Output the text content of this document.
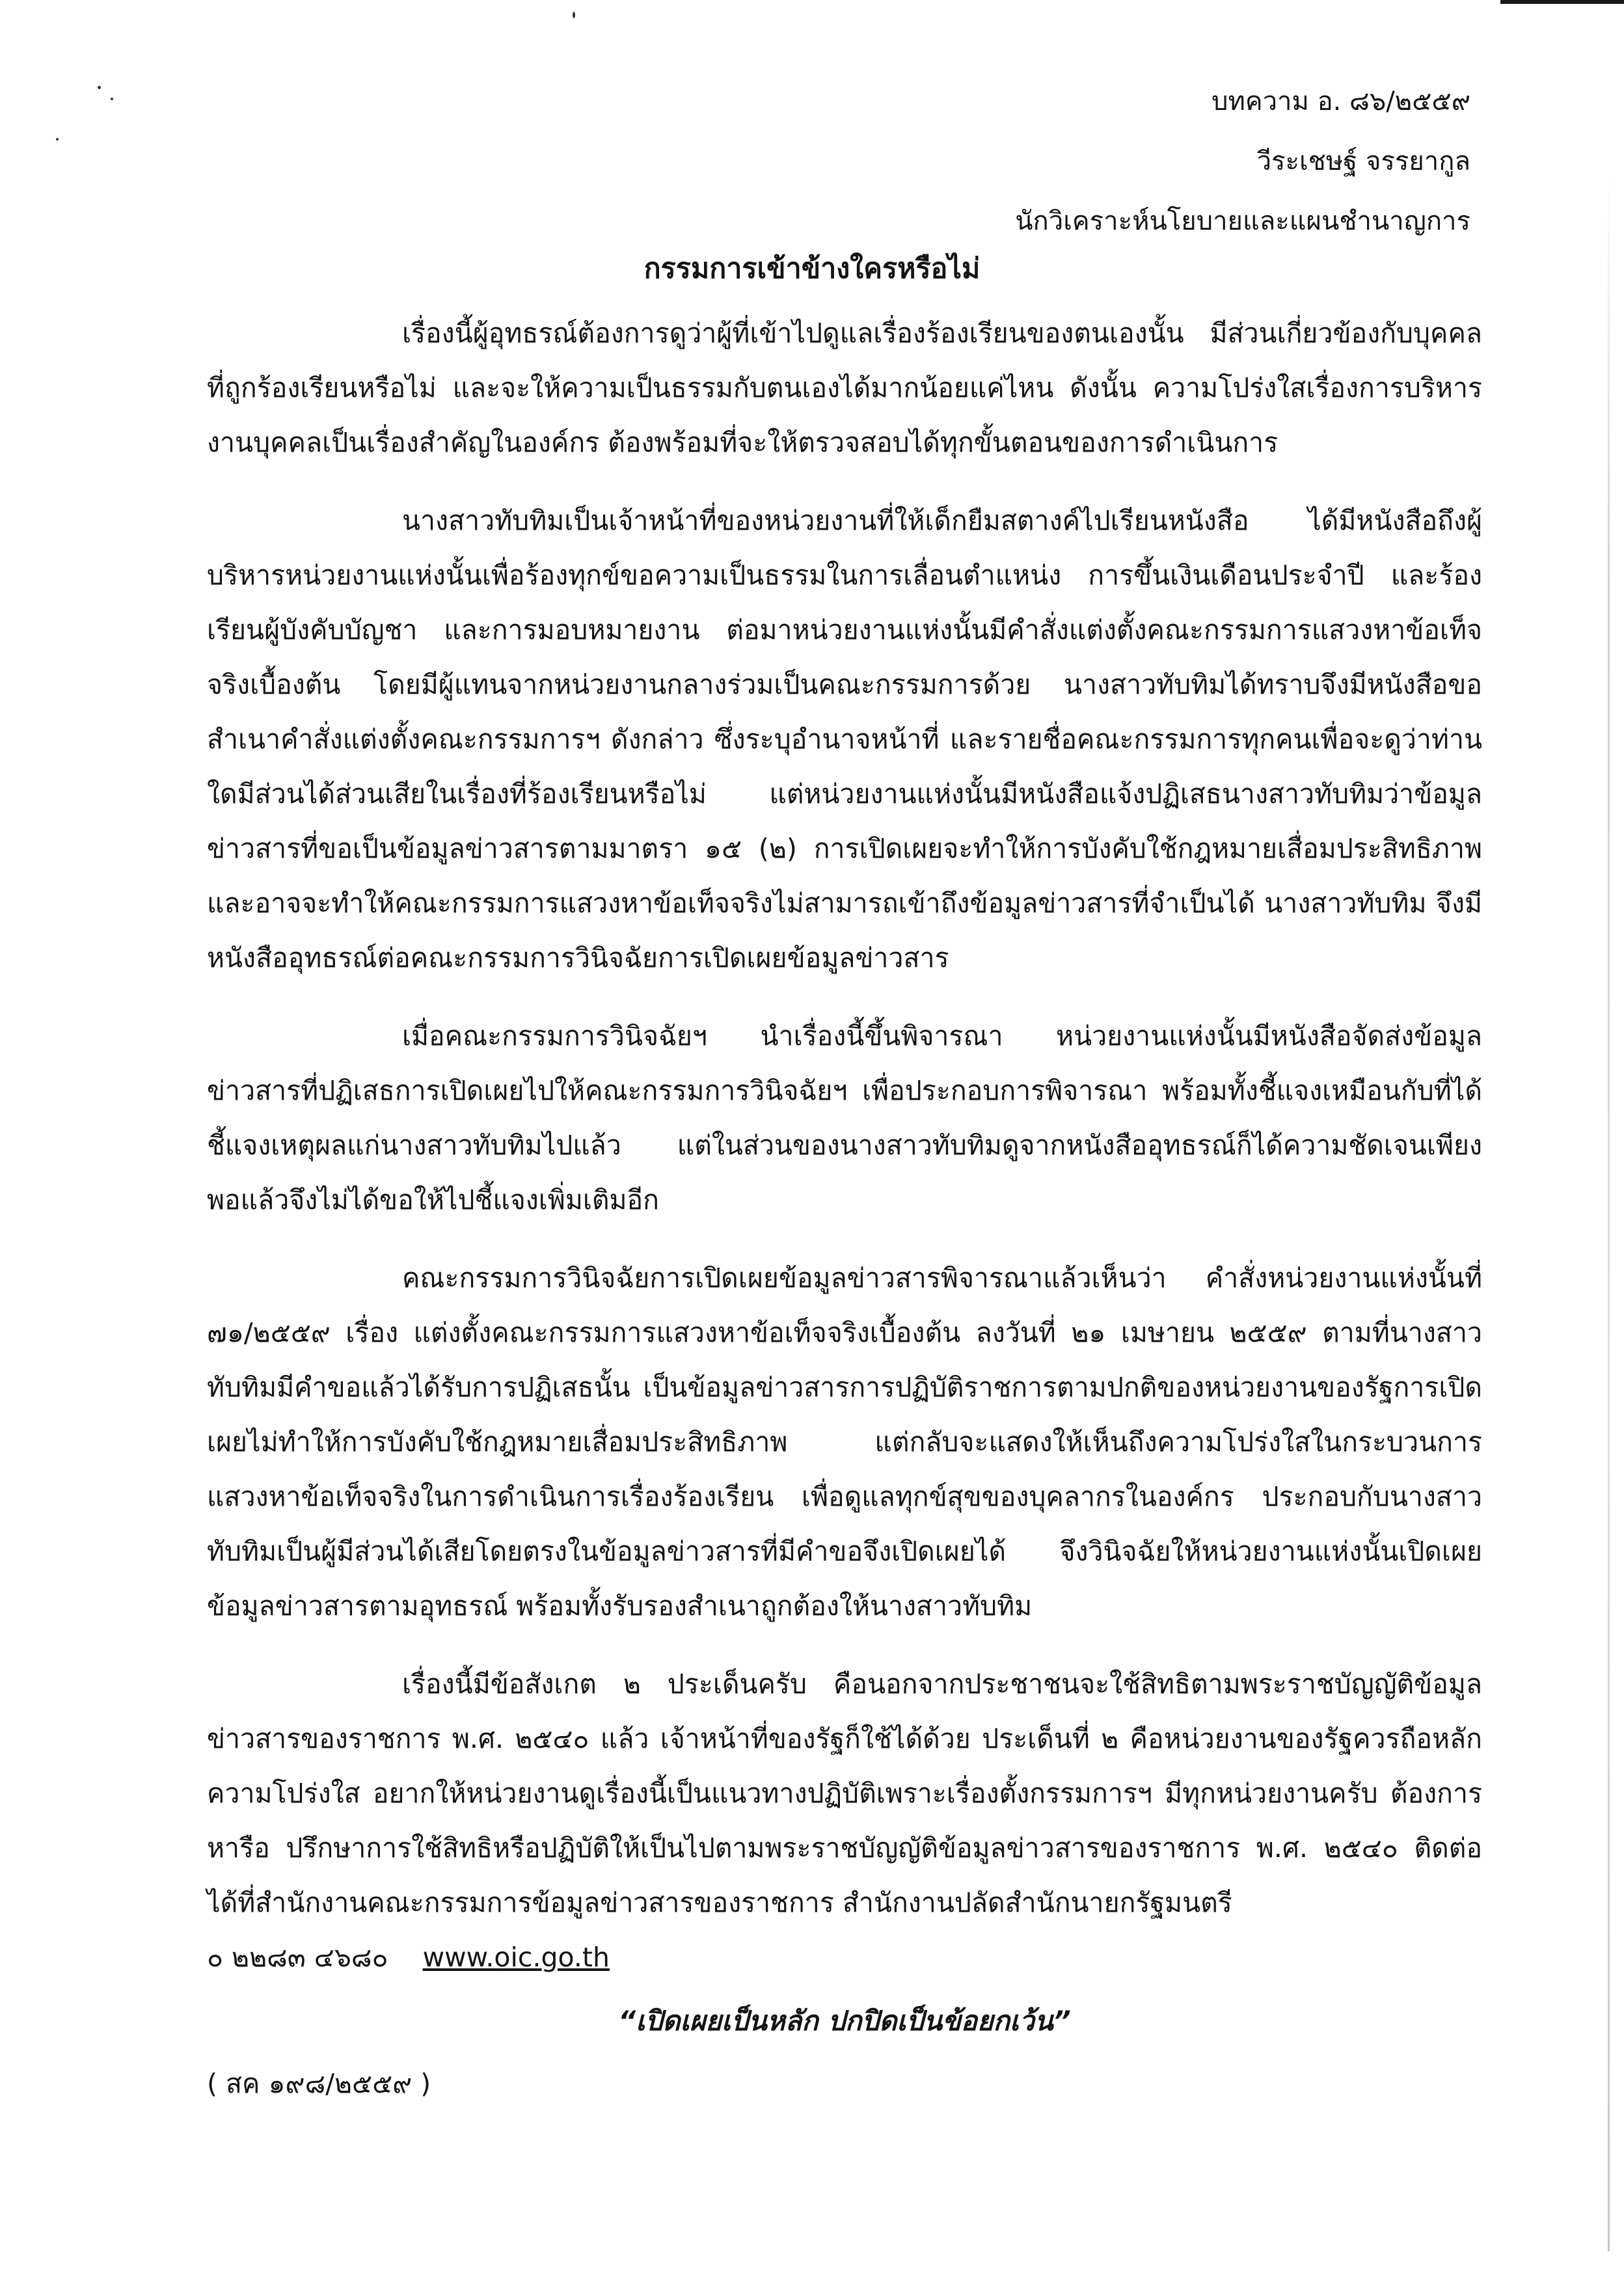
บทความ อ. ๘๖/๒๕๕๙
วีระเชษฐ์ จรรยากูล
นักวิเคราะห์นโยบายและแผนชำนาญการ
กรรมการเข้าข้างใครหรือไม่

เรื่องนี้ผู้อุทธรณ์ต้องการดูว่าผู้ที่เข้าไปดูแลเรื่องร้องเรียนของตนเองนั้น มีส่วนเกี่ยวข้องกับบุคคลที่ถูกร้องเรียนหรือไม่ และจะให้ความเป็นธรรมกับตนเองได้มากน้อยแค่ไหน ดังนั้น ความโปร่งใสเรื่องการบริหารงานบุคคลเป็นเรื่องสำคัญในองค์กร ต้องพร้อมที่จะให้ตรวจสอบได้ทุกขั้นตอนของการดำเนินการ

นางสาวทับทิมเป็นเจ้าหน้าที่ของหน่วยงานที่ให้เด็กยืมสตางค์ไปเรียนหนังสือ ได้มีหนังสือถึงผู้บริหารหน่วยงานแห่งนั้นเพื่อร้องทุกข์ขอความเป็นธรรมในการเลื่อนตำแหน่ง การขึ้นเงินเดือนประจำปี และร้องเรียนผู้บังคับบัญชา และการมอบหมายงาน ต่อมาหน่วยงานแห่งนั้นมีคำสั่งแต่งตั้งคณะกรรมการแสวงหาข้อเท็จจริงเบื้องต้น โดยมีผู้แทนจากหน่วยงานกลางร่วมเป็นคณะกรรมการด้วย นางสาวทับทิมได้ทราบจึงมีหนังสือขอสำเนาคำสั่งแต่งตั้งคณะกรรมการฯ ดังกล่าว ซึ่งระบุอำนาจหน้าที่ และรายชื่อคณะกรรมการทุกคนเพื่อจะดูว่าท่านใดมีส่วนได้ส่วนเสียในเรื่องที่ร้องเรียนหรือไม่ แต่หน่วยงานแห่งนั้นมีหนังสือแจ้งปฏิเสธนางสาวทับทิมว่าข้อมูลข่าวสารที่ขอเป็นข้อมูลข่าวสารตามมาตรา ๑๕ (๒) การเปิดเผยจะทำให้การบังคับใช้กฎหมายเสื่อมประสิทธิภาพ และอาจจะทำให้คณะกรรมการแสวงหาข้อเท็จจริงไม่สามารถเข้าถึงข้อมูลข่าวสารที่จำเป็นได้ นางสาวทับทิม จึงมีหนังสืออุทธรณ์ต่อคณะกรรมการวินิจฉัยการเปิดเผยข้อมูลข่าวสาร

เมื่อคณะกรรมการวินิจฉัยฯ นำเรื่องนี้ขึ้นพิจารณา หน่วยงานแห่งนั้นมีหนังสือจัดส่งข้อมูลข่าวสารที่ปฏิเสธการเปิดเผยไปให้คณะกรรมการวินิจฉัยฯ เพื่อประกอบการพิจารณา พร้อมทั้งชี้แจงเหมือนกับที่ได้ชี้แจงเหตุผลแก่นางสาวทับทิมไปแล้ว แต่ในส่วนของนางสาวทับทิมดูจากหนังสืออุทธรณ์ก็ได้ความชัดเจนเพียงพอแล้วจึงไม่ได้ขอให้ไปชี้แจงเพิ่มเติมอีก

คณะกรรมการวินิจฉัยการเปิดเผยข้อมูลข่าวสารพิจารณาแล้วเห็นว่า คำสั่งหน่วยงานแห่งนั้นที่ ๗๑/๒๕๕๙ เรื่อง แต่งตั้งคณะกรรมการแสวงหาข้อเท็จจริงเบื้องต้น ลงวันที่ ๒๑ เมษายน ๒๕๕๙ ตามที่นางสาวทับทิมมีคำขอแล้วได้รับการปฏิเสธนั้น เป็นข้อมูลข่าวสารการปฏิบัติราชการตามปกติของหน่วยงานของรัฐการเปิดเผยไม่ทำให้การบังคับใช้กฎหมายเสื่อมประสิทธิภาพ แต่กลับจะแสดงให้เห็นถึงความโปร่งใสในกระบวนการแสวงหาข้อเท็จจริงในการดำเนินการเรื่องร้องเรียน เพื่อดูแลทุกข์สุขของบุคลากรในองค์กร ประกอบกับนางสาวทับทิมเป็นผู้มีส่วนได้เสียโดยตรงในข้อมูลข่าวสารที่มีคำขอจึงเปิดเผยได้ จึงวินิจฉัยให้หน่วยงานแห่งนั้นเปิดเผยข้อมูลข่าวสารตามอุทธรณ์ พร้อมทั้งรับรองสำเนาถูกต้องให้นางสาวทับทิม

เรื่องนี้มีข้อสังเกต ๒ ประเด็นครับ คือนอกจากประชาชนจะใช้สิทธิตามพระราชบัญญัติข้อมูลข่าวสารของราชการ พ.ศ. ๒๕๔๐ แล้ว เจ้าหน้าที่ของรัฐก็ใช้ได้ด้วย ประเด็นที่ ๒ คือหน่วยงานของรัฐควรถือหลักความโปร่งใส อยากให้หน่วยงานดูเรื่องนี้เป็นแนวทางปฏิบัติเพราะเรื่องตั้งกรรมการฯ มีทุกหน่วยงานครับ ต้องการหารือ ปรึกษาการใช้สิทธิหรือปฏิบัติให้เป็นไปตามพระราชบัญญัติข้อมูลข่าวสารของราชการ พ.ศ. ๒๕๔๐ ติดต่อได้ที่สำนักงานคณะกรรมการข้อมูลข่าวสารของราชการ สำนักงานปลัดสำนักนายกรัฐมนตรี

๐ ๒๒๘๓ ๔๖๘๐ www.oic.go.th

“เปิดเผยเป็นหลัก ปกปิดเป็นข้อยกเว้น”
( สค ๑๙๘/๒๕๕๙ )
